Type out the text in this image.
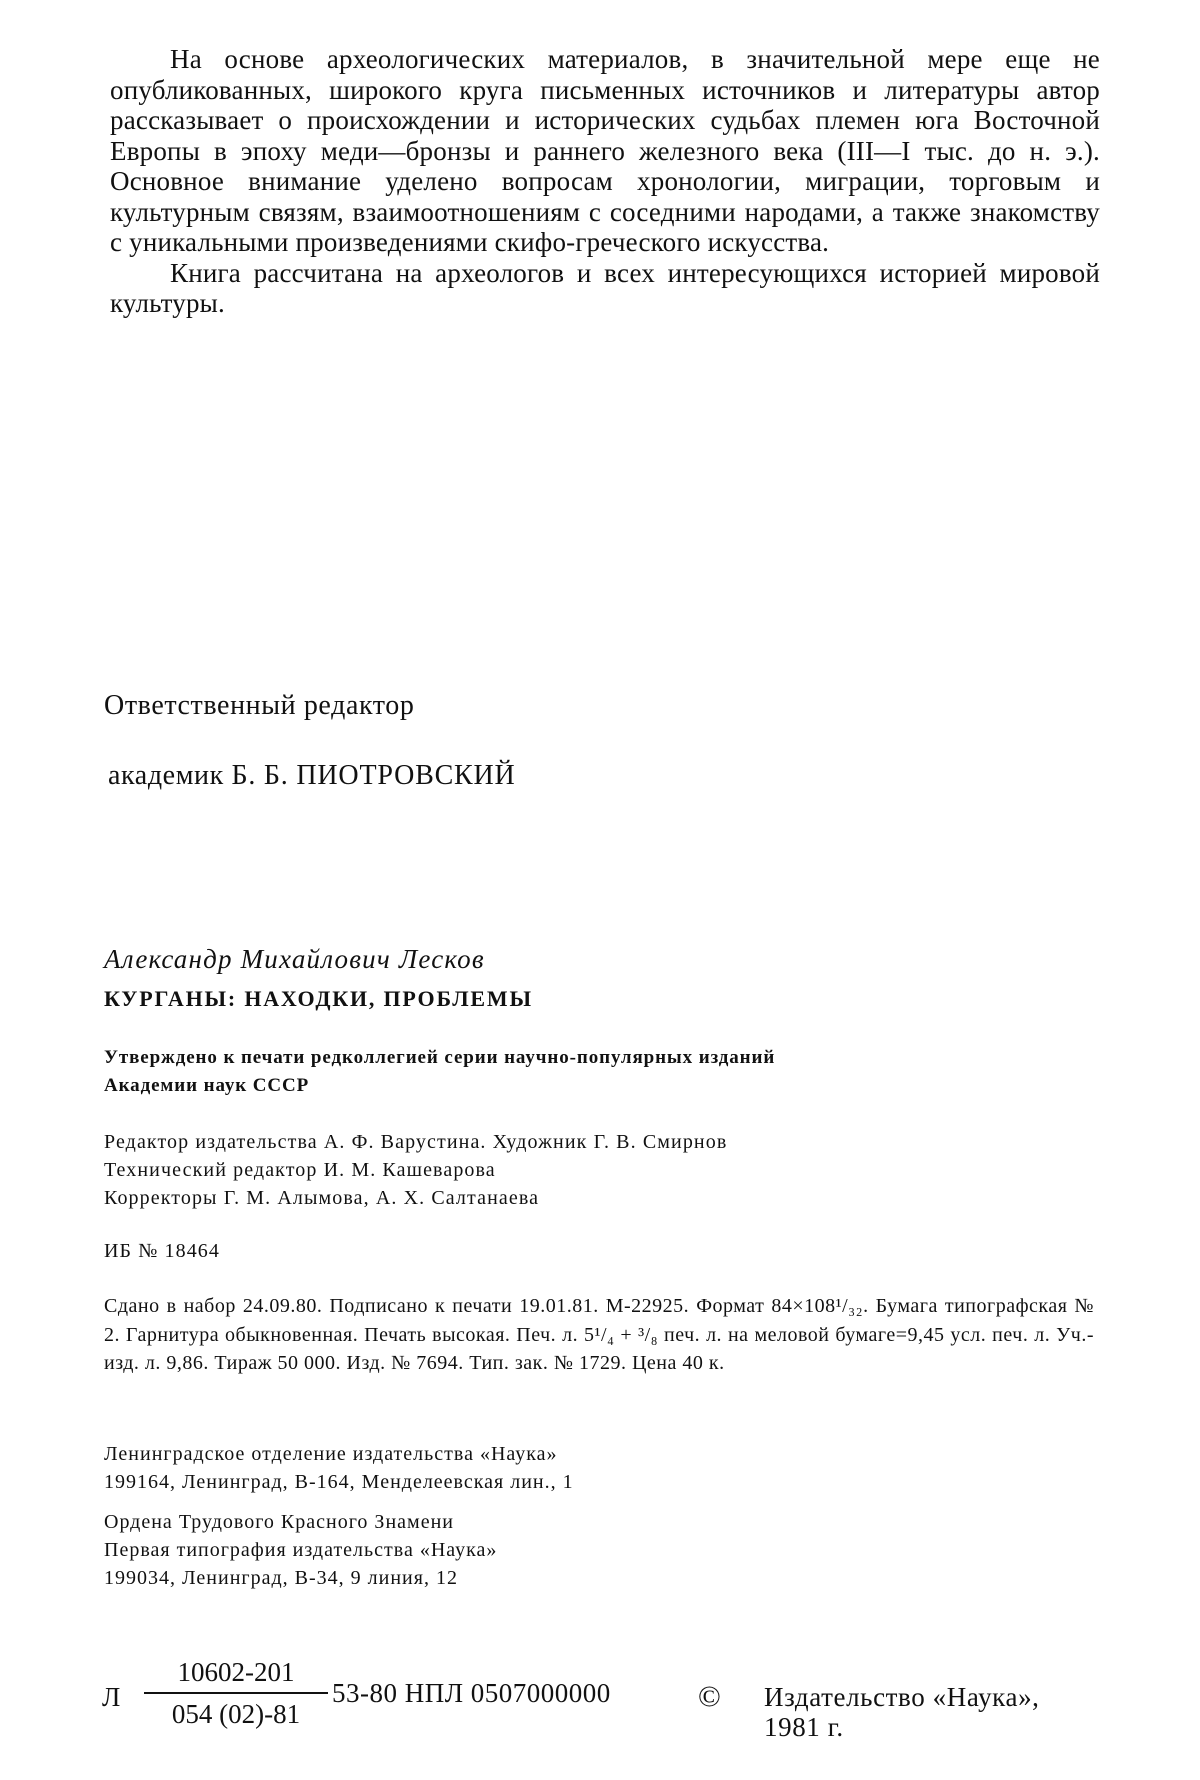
На основе археологических материалов, в значительной мере еще не опубликованных, широкого круга письменных источников и литературы автор рассказывает о происхождении и исторических судьбах племен юга Восточной Европы в эпоху меди—бронзы и раннего железного века (III—I тыс. до н. э.). Основное внимание уделено вопросам хронологии, миграции, торговым и культурным связям, взаимоотношениям с соседними народами, а также знакомству с уникальными произведениями скифо-греческого искусства.

Книга рассчитана на археологов и всех интересующихся историей мировой культуры.

Ответственный редактор
академик Б. Б. ПИОТРОВСКИЙ
Александр Михайлович Лесков
КУРГАНЫ: НАХОДКИ, ПРОБЛЕМЫ
Утверждено к печати редколлегией серии научно-популярных изданий
Академии наук СССР
Редактор издательства А. Ф. Варустина. Художник Г. В. Смирнов
Технический редактор И. М. Кашеварова
Корректоры Г. М. Алымова, А. Х. Салтанаева
ИБ № 18464

Сдано в набор 24.09.80. Подписано к печати 19.01.81. М-22925. Формат 84×108¹/₃₂. Бумага типографская № 2. Гарнитура обыкновенная. Печать высокая. Печ. л. 5¹/₄ + ³/₈ печ. л. на меловой бумаге=9,45 усл. печ. л. Уч.-изд. л. 9,86. Тираж 50 000. Изд. № 7694. Тип. зак. № 1729. Цена 40 к.

Ленинградское отделение издательства «Наука»
199164, Ленинград, В-164, Менделеевская лин., 1
Ордена Трудового Красного Знамени
Первая типография издательства «Наука»
199034, Ленинград, В-34, 9 линия, 12
Л
10602-201
054 (02)-81
53-80 НПЛ 0507000000	© Издательство «Наука»,
1981 г.
